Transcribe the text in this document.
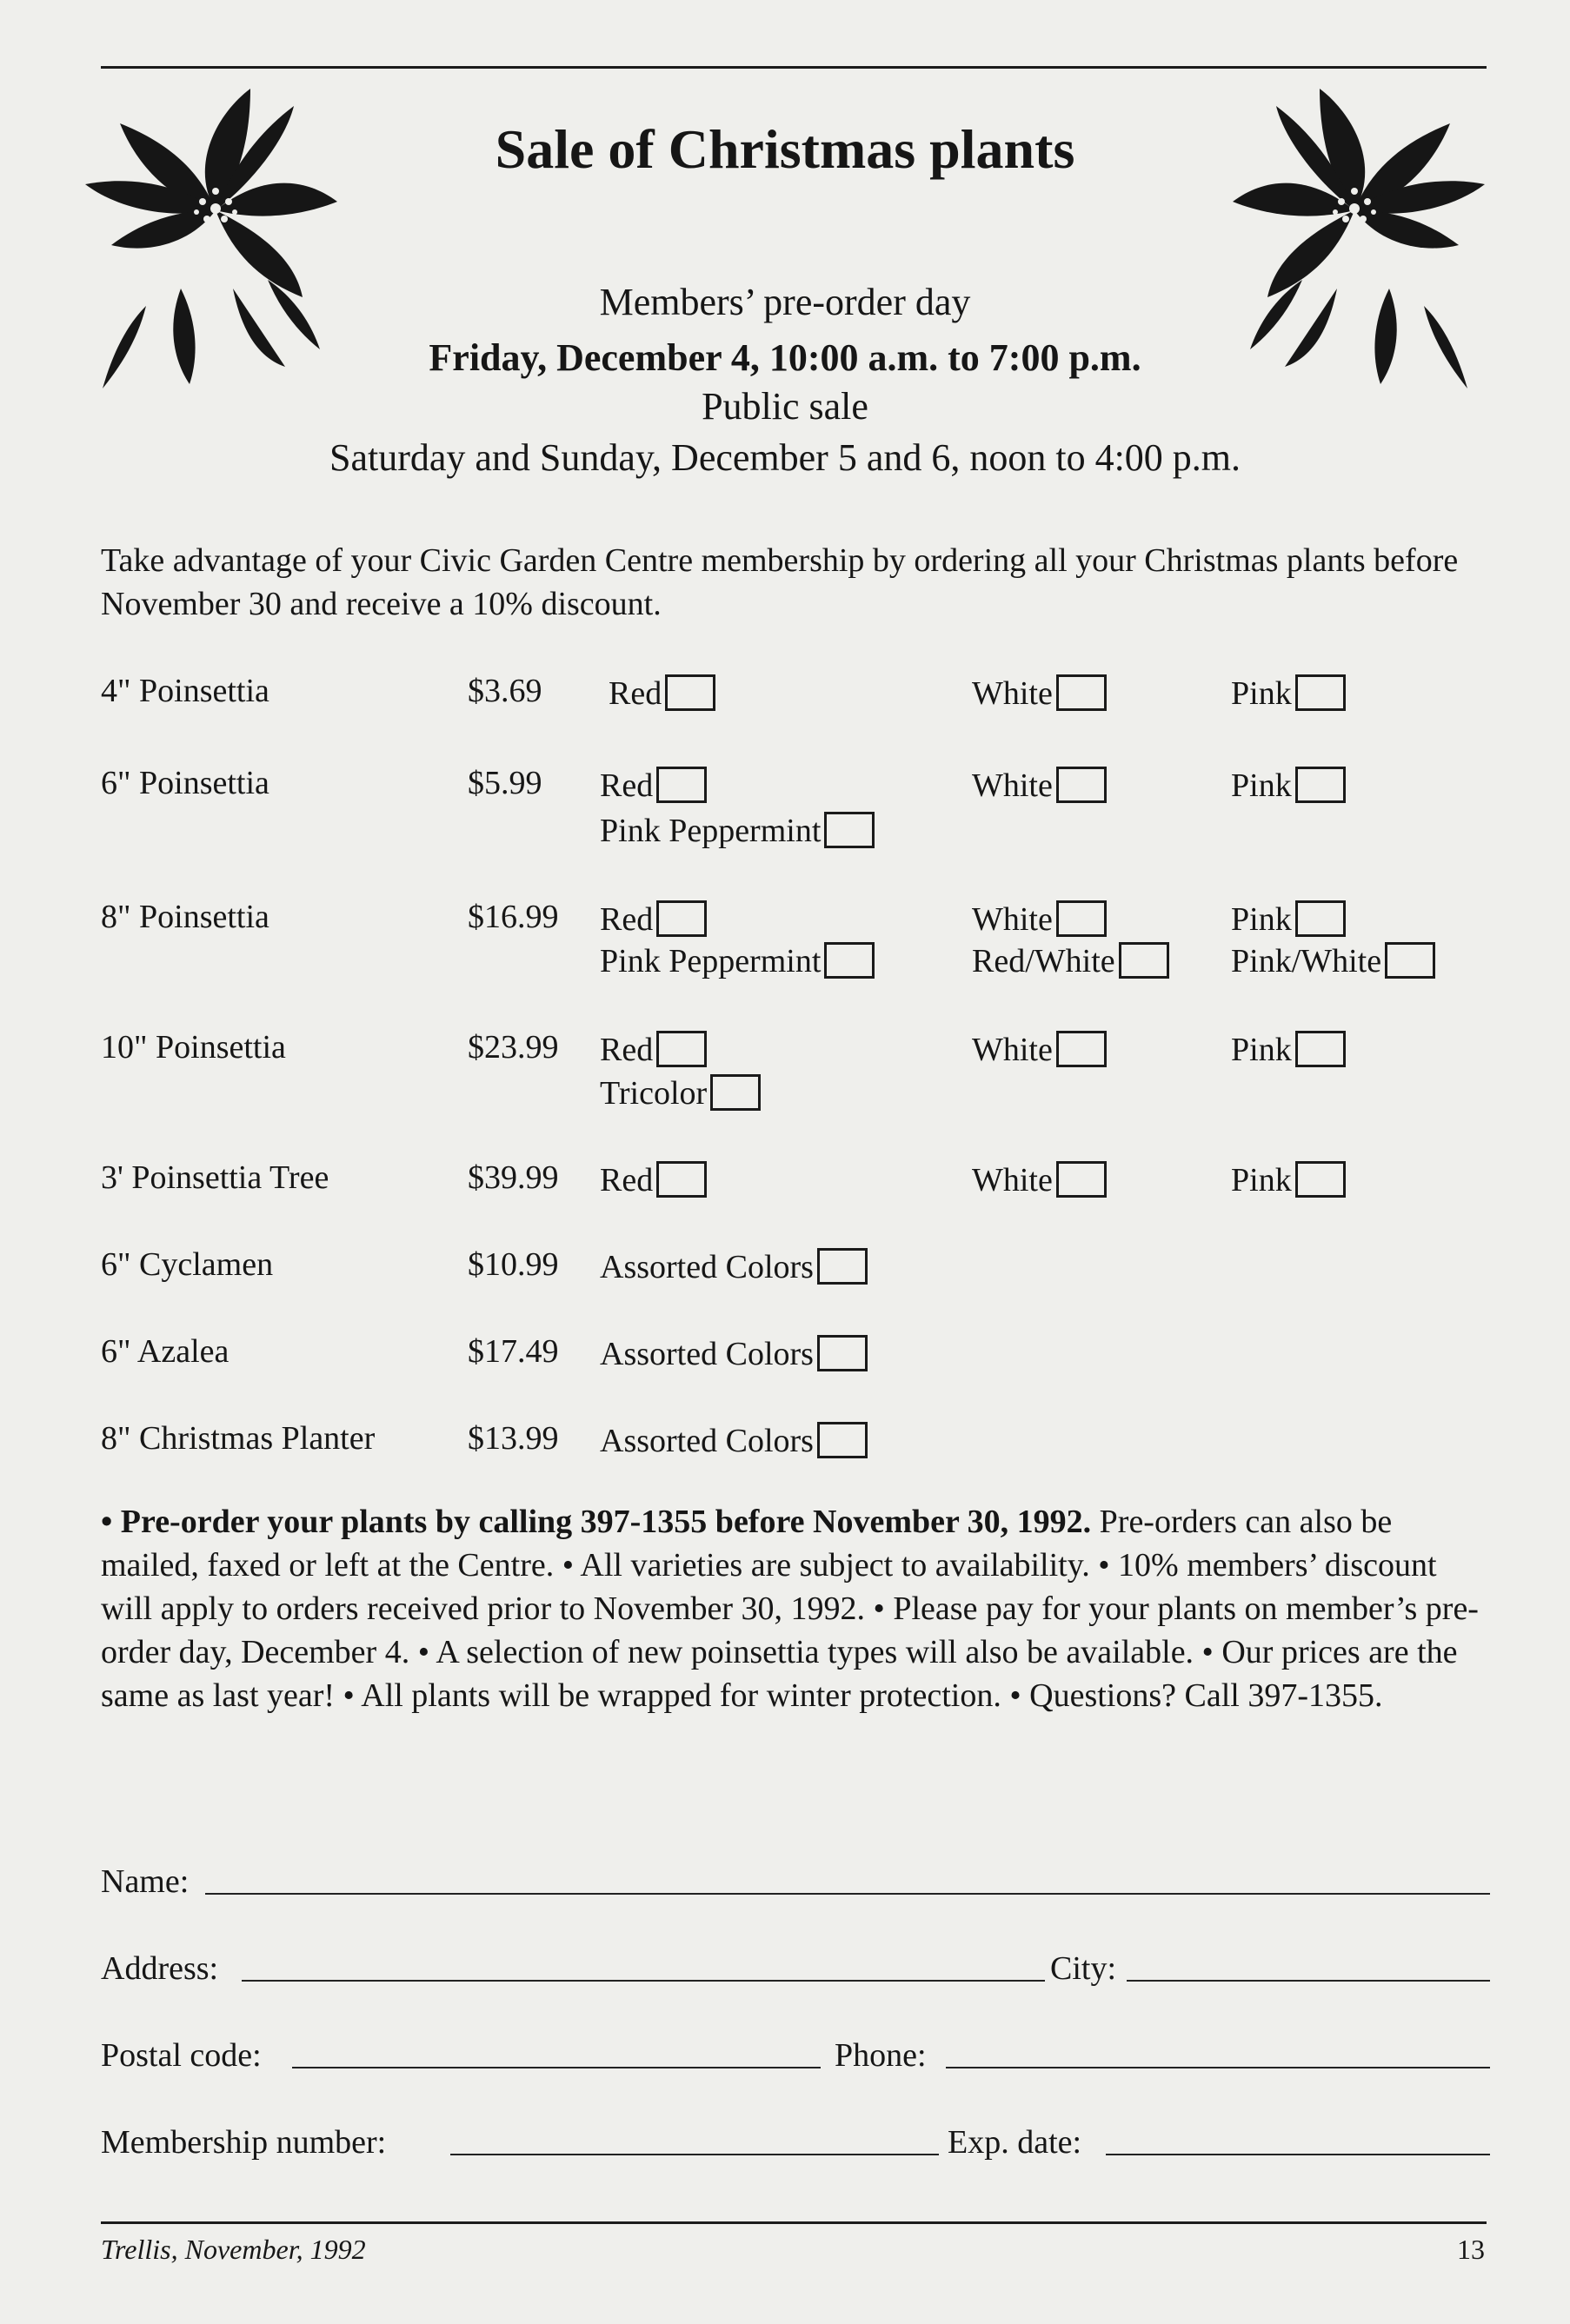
Sale of Christmas plants
Members’ pre-order day
Friday, December 4, 10:00 a.m. to 7:00 p.m.
Public sale
Saturday and Sunday, December 5 and 6, noon to 4:00 p.m.
Take advantage of your Civic Garden Centre membership by ordering all your Christmas plants before November 30 and receive a 10% discount.
4" Poinsettia	$3.69 Red	White	Pink
6" Poinsettia	$5.99 Red	White	Pink
Pink Peppermint
8" Poinsettia	$16.99 Red	White	Pink
Pink Peppermint	Red/White	Pink/White
10" Poinsettia	$23.99 Red	White	Pink
Tricolor
3' Poinsettia Tree	$39.99 Red	White	Pink
6" Cyclamen	$10.99 Assorted Colors
6" Azalea	$17.49 Assorted Colors
8" Christmas Planter	$13.99 Assorted Colors
• Pre-order your plants by calling 397-1355 before November 30, 1992. Pre-orders can also be mailed, faxed or left at the Centre. • All varieties are subject to availability. • 10% members’ discount will apply to orders received prior to November 30, 1992. • Please pay for your plants on member’s pre-order day, December 4. • A selection of new poinsettia types will also be available. • Our prices are the same as last year! • All plants will be wrapped for winter protection. • Questions? Call 397-1355.
Name:
Address:	City:
Postal code:	Phone:
Membership number:	Exp. date:
Trellis, November, 1992	13
